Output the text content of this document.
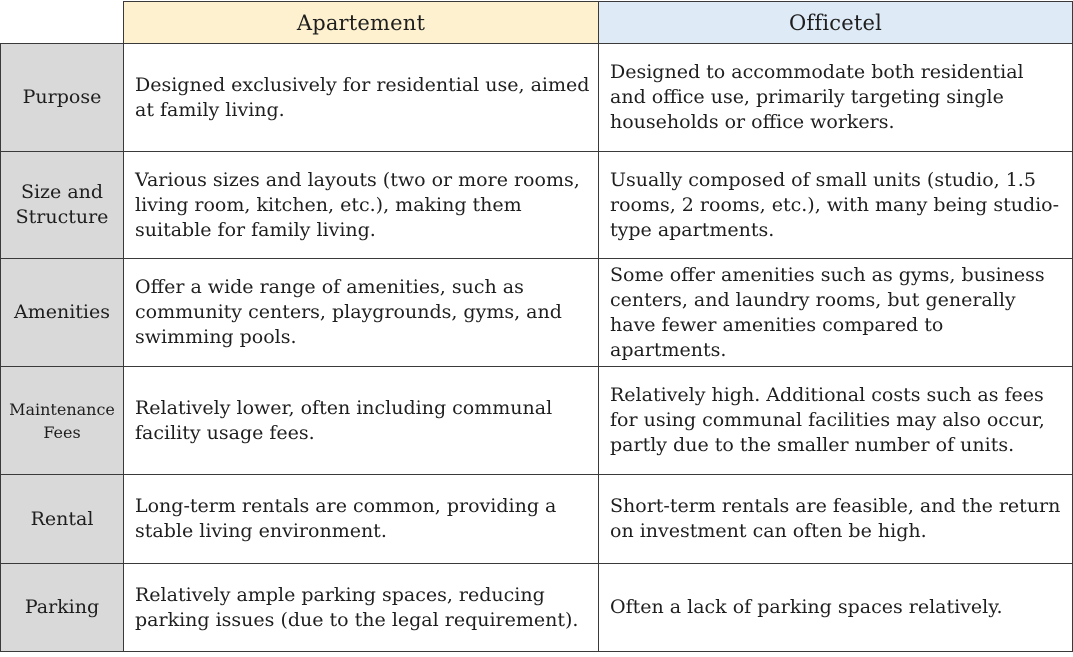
	Apartement	Officetel
Purpose	Designed exclusively for residential use, aimed at family living.	Designed to accommodate both residential and office use, primarily targeting single households or office workers.
Size and Structure	Various sizes and layouts (two or more rooms, living room, kitchen, etc.), making them suitable for family living.	Usually composed of small units (studio, 1.5 rooms, 2 rooms, etc.), with many being studio-type apartments.
Amenities	Offer a wide range of amenities, such as community centers, playgrounds, gyms, and swimming pools.	Some offer amenities such as gyms, business centers, and laundry rooms, but generally have fewer amenities compared to apartments.
Maintenance Fees	Relatively lower, often including communal facility usage fees.	Relatively high. Additional costs such as fees for using communal facilities may also occur, partly due to the smaller number of units.
Rental	Long-term rentals are common, providing a stable living environment.	Short-term rentals are feasible, and the return on investment can often be high.
Parking	Relatively ample parking spaces, reducing parking issues (due to the legal requirement).	Often a lack of parking spaces relatively.
